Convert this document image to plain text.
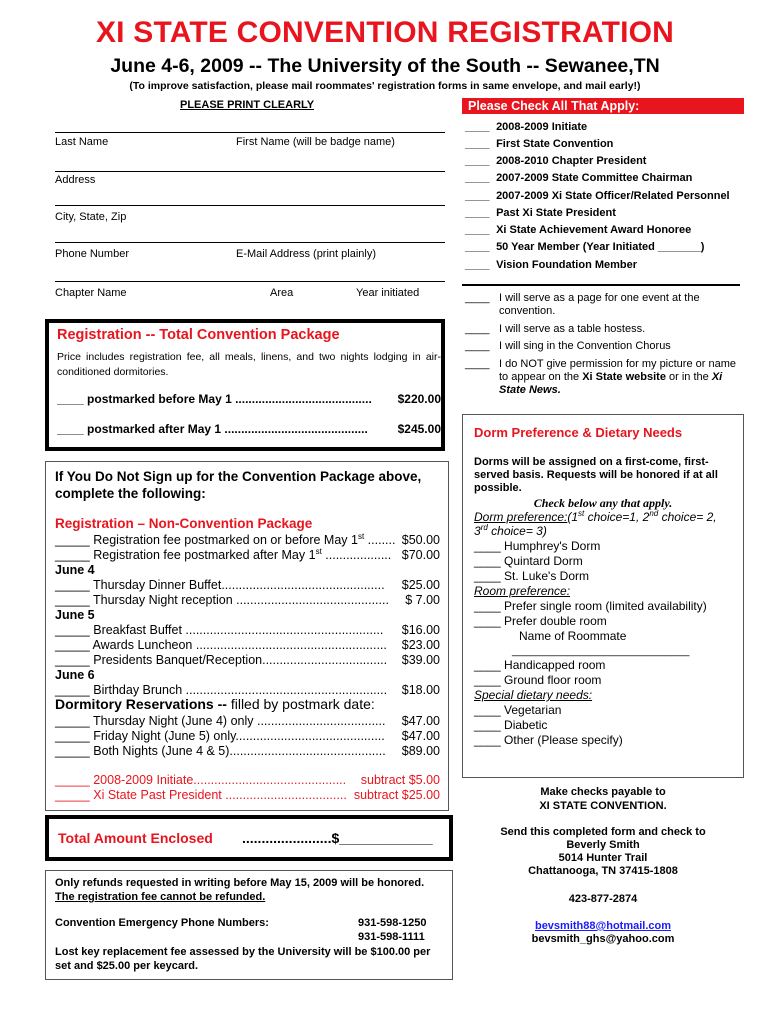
XI STATE CONVENTION REGISTRATION
June 4-6, 2009 -- The University of the South -- Sewanee,TN
(To improve satisfaction, please mail roommates' registration forms in same envelope, and mail early!)
PLEASE PRINT CLEARLY	Please Check All That Apply:
Last Name	First Name (will be badge name)
Address
City, State, Zip
Phone Number	E-Mail Address (print plainly)
Chapter Name	Area	Year initiated
____ 2008-2009 Initiate
____ First State Convention
____ 2008-2010 Chapter President
____ 2007-2009 State Committee Chairman
____ 2007-2009 Xi State Officer/Related Personnel
____ Past Xi State President
____ Xi State Achievement Award Honoree
____ 50 Year Member (Year Initiated _______)
____ Vision Foundation Member
____ I will serve as a page for one event at the convention.
____ I will serve as a table hostess.
____ I will sing in the Convention Chorus
____ I do NOT give permission for my picture or name to appear on the Xi State website or in the Xi State News.
Registration -- Total Convention Package
Price includes registration fee, all meals, linens, and two nights lodging in air-conditioned dormitories.
____ postmarked before May 1 ......................................... $220.00
____ postmarked after May 1 ........................................... $245.00
If You Do Not Sign up for the Convention Package above, complete the following:
Registration – Non-Convention Package
_____ Registration fee postmarked on or before May 1st ........ $50.00
_____ Registration fee postmarked after May 1st ................... $70.00
June 4
_____ Thursday Dinner Buffet............................................... $25.00
_____ Thursday Night reception ............................................ $ 7.00
June 5
_____ Breakfast Buffet ......................................................... $16.00
_____ Awards Luncheon ....................................................... $23.00
_____ Presidents Banquet/Reception.................................... $39.00
June 6
_____ Birthday Brunch .......................................................... $18.00
Dormitory Reservations -- filled by postmark date:
_____ Thursday Night (June 4) only ..................................... $47.00
_____ Friday Night (June 5) only........................................... $47.00
_____ Both Nights (June 4 & 5)............................................. $89.00
_____ 2008-2009 Initiate............................................ subtract $5.00
_____ Xi State Past President ................................... subtract $25.00
Total Amount Enclosed .......................$____________
Only refunds requested in writing before May 15, 2009 will be honored.
The registration fee cannot be refunded.
Convention Emergency Phone Numbers:	931-598-1250
931-598-1111
Lost key replacement fee assessed by the University will be $100.00 per set and $25.00 per keycard.
Dorm Preference & Dietary Needs
Dorms will be assigned on a first-come, first-served basis. Requests will be honored if at all possible.
Check below any that apply.
Dorm preference:(1st choice=1, 2nd choice= 2,
3rd choice= 3)
____ Humphrey's Dorm
____ Quintard Dorm
____ St. Luke's Dorm
Room preference:
____ Prefer single room (limited availability)
____ Prefer double room
Name of Roommate
_____________________________
____ Handicapped room
____ Ground floor room
Special dietary needs:
____ Vegetarian
____ Diabetic
____ Other (Please specify)
Make checks payable to
XI STATE CONVENTION.
Send this completed form and check to
Beverly Smith
5014 Hunter Trail
Chattanooga, TN 37415-1808
423-877-2874
bevsmith88@hotmail.com
bevsmith_ghs@yahoo.com
